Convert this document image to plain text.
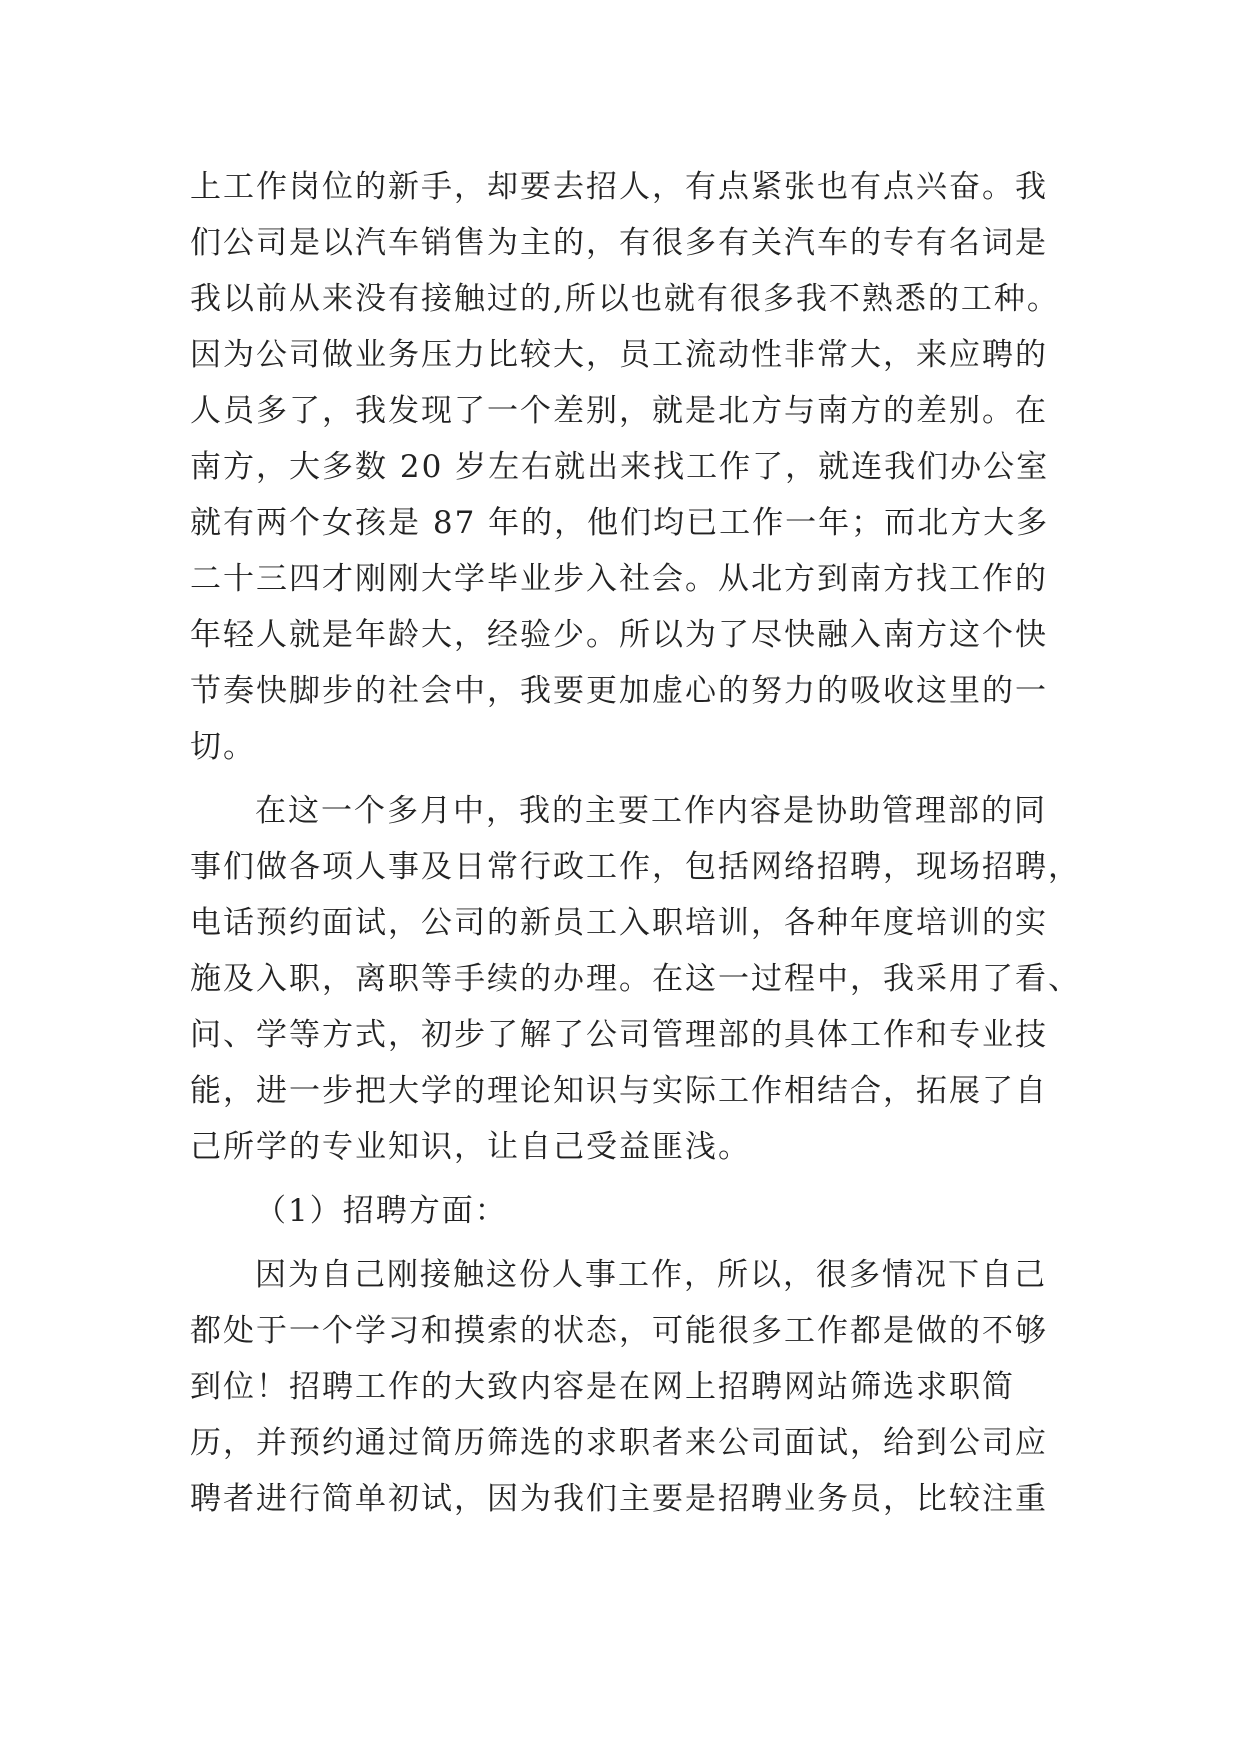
上工作岗位的新手，却要去招人，有点紧张也有点兴奋。我
们公司是以汽车销售为主的，有很多有关汽车的专有名词是
我以前从来没有接触过的,所以也就有很多我不熟悉的工种。
因为公司做业务压力比较大，员工流动性非常大，来应聘的
人员多了，我发现了一个差别，就是北方与南方的差别。在
南方，大多数 20 岁左右就出来找工作了，就连我们办公室
就有两个女孩是 87 年的，他们均已工作一年；而北方大多
二十三四才刚刚大学毕业步入社会。从北方到南方找工作的
年轻人就是年龄大，经验少。所以为了尽快融入南方这个快
节奏快脚步的社会中，我要更加虚心的努力的吸收这里的一
切。
在这一个多月中，我的主要工作内容是协助管理部的同
事们做各项人事及日常行政工作，包括网络招聘，现场招聘，
电话预约面试，公司的新员工入职培训，各种年度培训的实
施及入职，离职等手续的办理。在这一过程中，我采用了看、
问、学等方式，初步了解了公司管理部的具体工作和专业技
能，进一步把大学的理论知识与实际工作相结合，拓展了自
己所学的专业知识，让自己受益匪浅。
（1）招聘方面：
因为自己刚接触这份人事工作，所以，很多情况下自己
都处于一个学习和摸索的状态，可能很多工作都是做的不够
到位！招聘工作的大致内容是在网上招聘网站筛选求职简
历，并预约通过简历筛选的求职者来公司面试，给到公司应
聘者进行简单初试，因为我们主要是招聘业务员，比较注重
